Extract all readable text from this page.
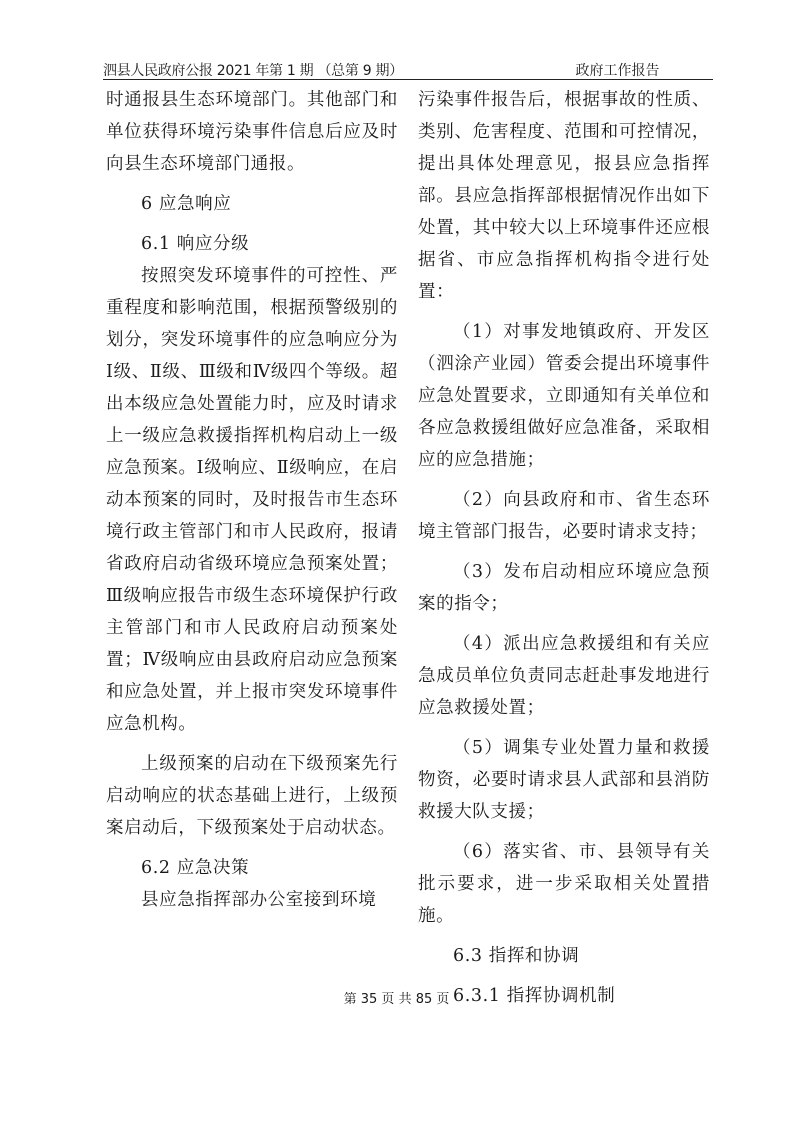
泗县人民政府公报 2021 年第 1 期 （总第 9 期）	政府工作报告

时通报县生态环境部门。其他部门和单位获得环境污染事件信息后应及时向县生态环境部门通报。

6 应急响应

6.1 响应分级

按照突发环境事件的可控性、严重程度和影响范围，根据预警级别的划分，突发环境事件的应急响应分为Ⅰ级、Ⅱ级、Ⅲ级和Ⅳ级四个等级。超出本级应急处置能力时，应及时请求上一级应急救援指挥机构启动上一级应急预案。Ⅰ级响应、Ⅱ级响应，在启动本预案的同时，及时报告市生态环境行政主管部门和市人民政府，报请省政府启动省级环境应急预案处置；Ⅲ级响应报告市级生态环境保护行政主管部门和市人民政府启动预案处置；Ⅳ级响应由县政府启动应急预案和应急处置，并上报市突发环境事件应急机构。

上级预案的启动在下级预案先行启动响应的状态基础上进行，上级预案启动后，下级预案处于启动状态。

6.2 应急决策

县应急指挥部办公室接到环境

污染事件报告后，根据事故的性质、类别、危害程度、范围和可控情况，提出具体处理意见，报县应急指挥部。县应急指挥部根据情况作出如下处置，其中较大以上环境事件还应根据省、市应急指挥机构指令进行处置：

（1）对事发地镇政府、开发区（泗涂产业园）管委会提出环境事件应急处置要求，立即通知有关单位和各应急救援组做好应急准备，采取相应的应急措施；

（2）向县政府和市、省生态环境主管部门报告，必要时请求支持；

（3）发布启动相应环境应急预案的指令；

（4）派出应急救援组和有关应急成员单位负责同志赶赴事发地进行应急救援处置；

（5）调集专业处置力量和救援物资，必要时请求县人武部和县消防救援大队支援；

（6）落实省、市、县领导有关批示要求，进一步采取相关处置措施。

6.3 指挥和协调

6.3.1 指挥协调机制

第 35 页 共 85 页
